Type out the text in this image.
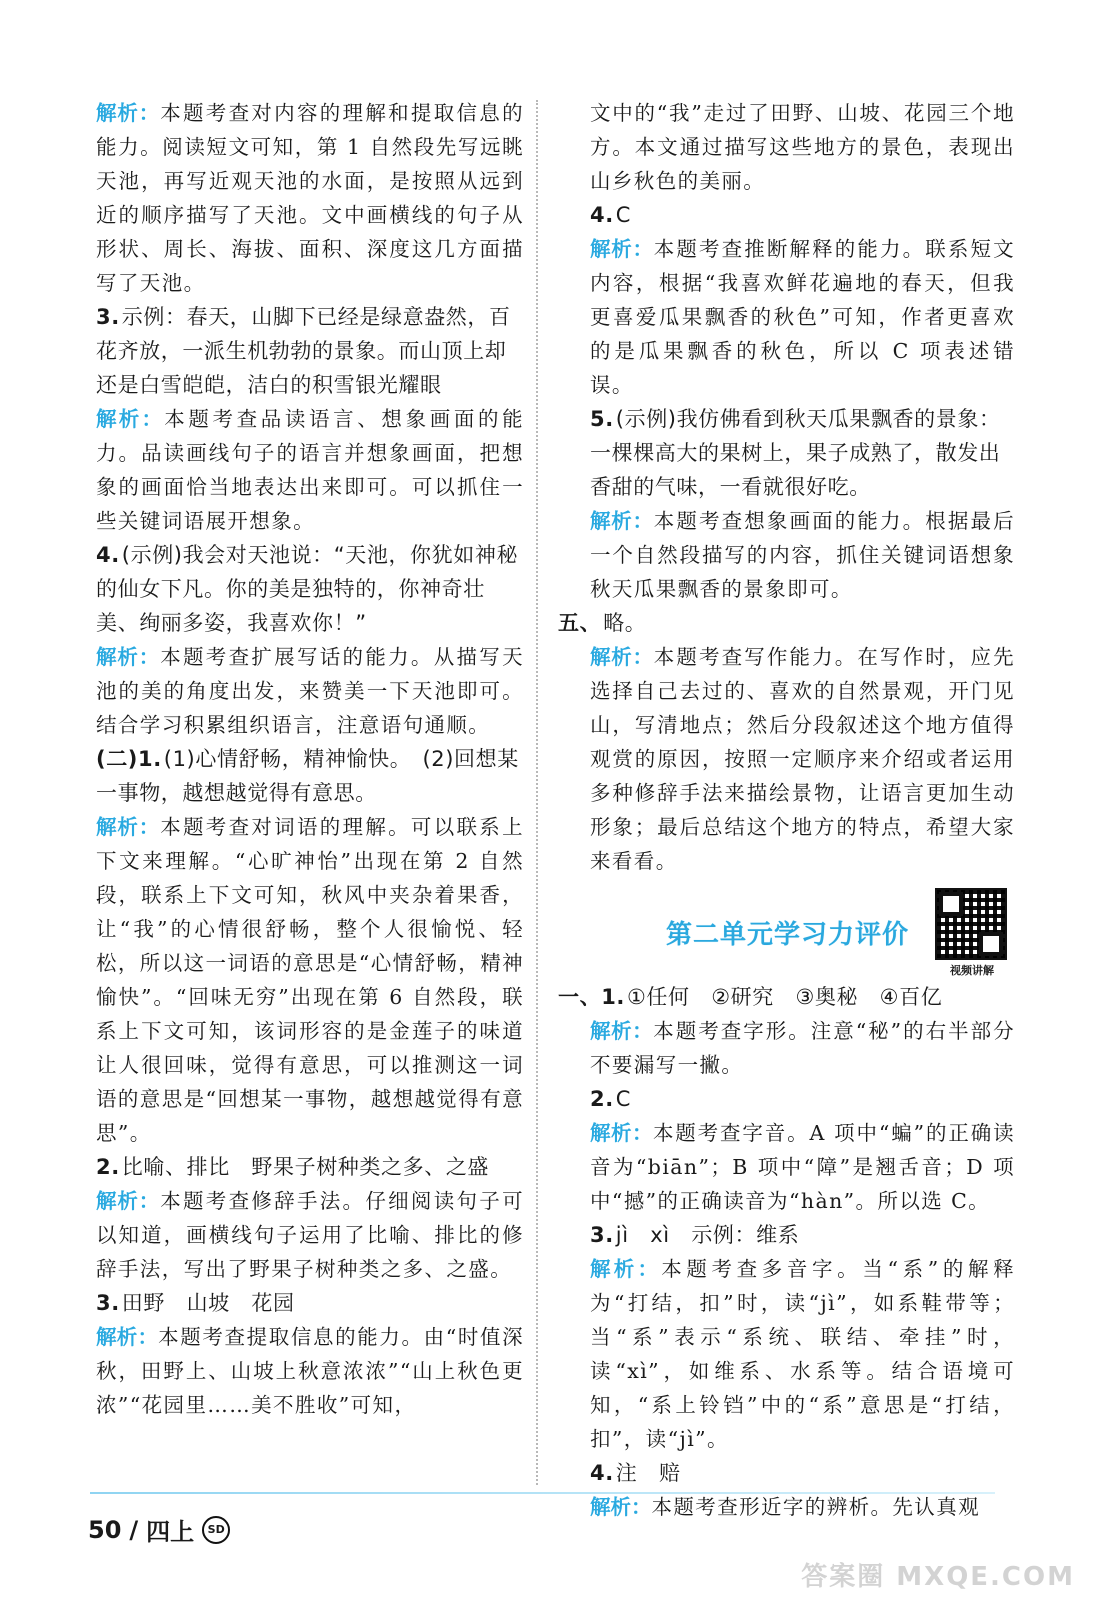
解析：本题考查对内容的理解和提取信息的能力。阅读短文可知，第 1 自然段先写远眺天池，再写近观天池的水面，是按照从远到近的顺序描写了天池。文中画横线的句子从形状、周长、海拔、面积、深度这几方面描写了天池。

3.示例：春天，山脚下已经是绿意盎然，百花齐放，一派生机勃勃的景象。而山顶上却还是白雪皑皑，洁白的积雪银光耀眼

解析：本题考查品读语言、想象画面的能力。品读画线句子的语言并想象画面，把想象的画面恰当地表达出来即可。可以抓住一些关键词语展开想象。

4.(示例)我会对天池说：“天池，你犹如神秘的仙女下凡。你的美是独特的，你神奇壮美、绚丽多姿，我喜欢你！”

解析：本题考查扩展写话的能力。从描写天池的美的角度出发，来赞美一下天池即可。结合学习积累组织语言，注意语句通顺。

(二)1.(1)心情舒畅，精神愉快。　(2)回想某一事物，越想越觉得有意思。

解析：本题考查对词语的理解。可以联系上下文来理解。“心旷神怡”出现在第 2 自然段，联系上下文可知，秋风中夹杂着果香，让“我”的心情很舒畅，整个人很愉悦、轻松，所以这一词语的意思是“心情舒畅，精神愉快”。“回味无穷”出现在第 6 自然段，联系上下文可知，该词形容的是金莲子的味道让人很回味，觉得有意思，可以推测这一词语的意思是“回想某一事物，越想越觉得有意思”。

2.比喻、排比　野果子树种类之多、之盛

解析：本题考查修辞手法。仔细阅读句子可以知道，画横线句子运用了比喻、排比的修辞手法，写出了野果子树种类之多、之盛。

3.田野　山坡　花园

解析：本题考查提取信息的能力。由“时值深秋，田野上、山坡上秋意浓浓”“山上秋色更浓”“花园里……美不胜收”可知，

文中的“我”走过了田野、山坡、花园三个地方。本文通过描写这些地方的景色，表现出山乡秋色的美丽。

4.C

解析：本题考查推断解释的能力。联系短文内容，根据“我喜欢鲜花遍地的春天，但我更喜爱瓜果飘香的秋色”可知，作者更喜欢的是瓜果飘香的秋色，所以 C 项表述错误。

5.(示例)我仿佛看到秋天瓜果飘香的景象：一棵棵高大的果树上，果子成熟了，散发出香甜的气味，一看就很好吃。

解析：本题考查想象画面的能力。根据最后一个自然段描写的内容，抓住关键词语想象秋天瓜果飘香的景象即可。

五、略。

解析：本题考查写作能力。在写作时，应先选择自己去过的、喜欢的自然景观，开门见山，写清地点；然后分段叙述这个地方值得观赏的原因，按照一定顺序来介绍或者运用多种修辞手法来描绘景物，让语言更加生动形象；最后总结这个地方的特点，希望大家来看看。

第二单元学习力评价
视频讲解

一、1.①任何　②研究　③奥秘　④百亿

解析：本题考查字形。注意“秘”的右半部分不要漏写一撇。

2.C

解析：本题考查字音。A 项中“蝙”的正确读音为“biān”；B 项中“障”是翘舌音；D 项中“撼”的正确读音为“hàn”。所以选 C。

3.jì　xì　示例：维系

解析：本题考查多音字。当“系”的解释为“打结，扣”时，读“jì”，如系鞋带等；当“系”表示“系统、联结、牵挂”时，读“xì”，如维系、水系等。结合语境可知，“系上铃铛”中的“系”意思是“打结，扣”，读“jì”。

4.注　赔

解析：本题考查形近字的辨析。先认真观

50 / 四上	SD
答案圈 MXQE.COM
